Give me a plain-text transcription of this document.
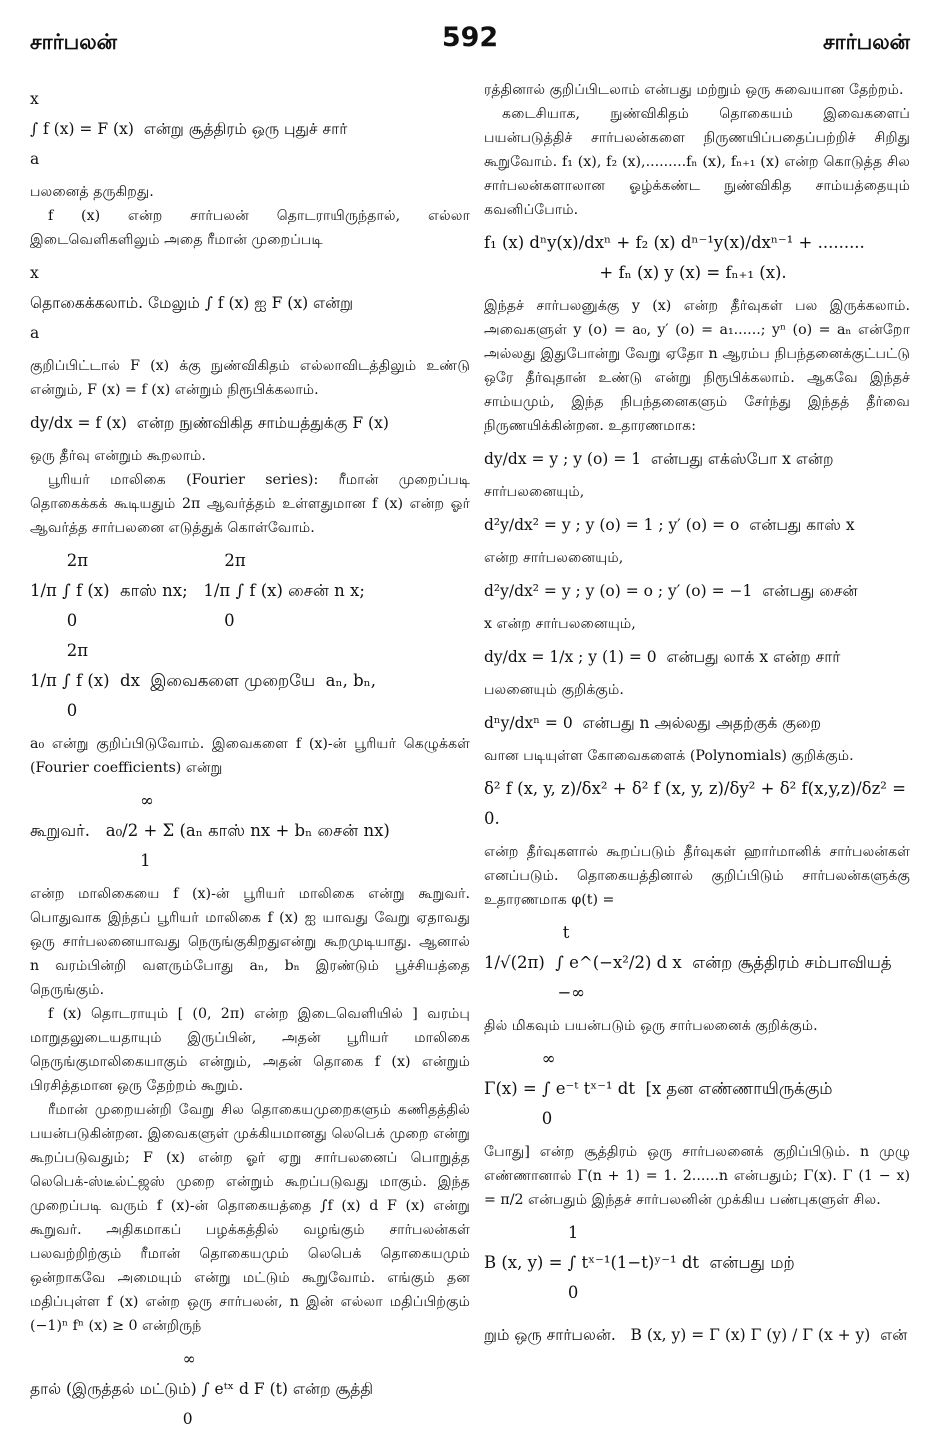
சார்பலன்	592	சார்பலன்
x
∫ f (x) = F (x)  என்று சூத்திரம் ஒரு புதுச் சார்
a
பலனைத் தருகிறது.
f (x) என்ற சார்பலன் தொடராயிருந்தால், எல்லா இடைவெளிகளிலும் அதை ரீமான் முறைப்படி
x
தொகைக்கலாம். மேலும் ∫ f (x) ஐ F (x) என்று
a
குறிப்பிட்டால் F (x) க்கு நுண்விகிதம் எல்லாவிடத்திலும் உண்டு என்றும், F (x) = f (x) என்றும் நிரூபிக்கலாம்.
dy/dx = f (x)  என்ற நுண்விகித சாம்யத்துக்கு F (x)
ஒரு தீர்வு என்றும் கூறலாம்.
பூரியர் மாலிகை (Fourier series): ரீமான் முறைப்படி தொகைக்கக் கூடியதும் 2π ஆவர்த்தம் உள்ளதுமான f (x) என்ற ஓர் ஆவர்த்த சார்பலனை எடுத்துக் கொள்வோம்.
2π                          2π
1/π ∫ f (x)  காஸ் nx;   1/π ∫ f (x) சைன் n x;
0                            0
2π
1/π ∫ f (x)  dx  இவைகளை முறையே  aₙ, bₙ,
0
a₀ என்று குறிப்பிடுவோம். இவைகளை f (x)-ன் பூரியர் கெழுக்கள் (Fourier coefficients) என்று
∞
கூறுவர்.   a₀/2 + Σ (aₙ காஸ் nx + bₙ சைன் nx)
1
என்ற மாலிகையை f (x)-ன் பூரியர் மாலிகை என்று கூறுவர். பொதுவாக இந்தப் பூரியர் மாலிகை f (x) ஐ யாவது வேறு ஏதாவது ஒரு சார்பலனையாவது நெருங்குகிறதுஎன்று கூறமுடியாது. ஆனால் n வரம்பின்றி வளரும்போது aₙ, bₙ இரண்டும் பூச்சியத்தை நெருங்கும்.
f (x) தொடராயும் [ (0, 2π) என்ற இடைவெளியில் ] வரம்பு மாறுதலுடையதாயும் இருப்பின், அதன் பூரியர் மாலிகை நெருங்குமாலிகையாகும் என்றும், அதன் தொகை f (x) என்றும் பிரசித்தமான ஒரு தேற்றம் கூறும்.
ரீமான் முறையன்றி வேறு சில தொகையமுறைகளும் கணிதத்தில் பயன்படுகின்றன. இவைகளுள் முக்கியமானது லெபெக் முறை என்று கூறப்படுவதும்; F (x) என்ற ஓர் ஏறு சார்பலனைப் பொறுத்த லெபெக்-ஸ்டீல்ட்ஜஸ் முறை என்றும் கூறப்படுவது மாகும். இந்த முறைப்படி வரும் f (x)-ன் தொகையத்தை ∫f (x) d F (x) என்று கூறுவர். அதிகமாகப் பழக்கத்தில் வழங்கும் சார்பலன்கள் பலவற்றிற்கும் ரீமான் தொகையமும் லெபெக் தொகையமும் ஒன்றாகவே அமையும் என்று மட்டும் கூறுவோம். எங்கும் தன மதிப்புள்ள f (x) என்ற ஒரு சார்பலன், n இன் எல்லா மதிப்பிற்கும் (−1)ⁿ fⁿ (x) ≥ 0 என்றிருந்
∞
தால் (இருத்தல் மட்டும்) ∫ eᵗˣ d F (t) என்ற சூத்தி
0
ரத்தினால் குறிப்பிடலாம் என்பது மற்றும் ஒரு சுவையான தேற்றம்.
கடைசியாக, நுண்விகிதம் தொகையம் இவைகளைப் பயன்படுத்திச் சார்பலன்களை நிருணயிப்பதைப்பற்றிச் சிறிது கூறுவோம். f₁ (x), f₂ (x),.........fₙ (x), fₙ₊₁ (x) என்ற கொடுத்த சில சார்பலன்களாலான ஓழ்க்கண்ட நுண்விகித சாம்யத்தையும் கவனிப்போம்.
f₁ (x) dⁿy(x)/dxⁿ + f₂ (x) dⁿ⁻¹y(x)/dxⁿ⁻¹ + .........
+ fₙ (x) y (x) = fₙ₊₁ (x).
இந்தச் சார்பலனுக்கு y (x) என்ற தீர்வுகள் பல இருக்கலாம். அவைகளுள் y (o) = a₀, y′ (o) = a₁......; yⁿ (o) = aₙ என்றோ அல்லது இதுபோன்று வேறு ஏதோ n ஆரம்ப நிபந்தனைக்குட்பட்டு ஒரே தீர்வுதான் உண்டு என்று நிரூபிக்கலாம். ஆகவே இந்தச் சாம்யமும், இந்த நிபந்தனைகளும் சேர்ந்து இந்தத் தீர்வை நிருணயிக்கின்றன. உதாரணமாக:
dy/dx = y ; y (o) = 1  என்பது எக்ஸ்போ x என்ற
சார்பலனையும்,
d²y/dx² = y ; y (o) = 1 ; y′ (o) = o  என்பது காஸ் x
என்ற சார்பலனையும்,
d²y/dx² = y ; y (o) = o ; y′ (o) = −1  என்பது சைன்
x என்ற சார்பலனையும்,
dy/dx = 1/x ; y (1) = 0  என்பது லாக் x என்ற சார்
பலனையும் குறிக்கும்.
dⁿy/dxⁿ = 0  என்பது n அல்லது அதற்குக் குறை
வான படியுள்ள கோவைகளைக் (Polynomials) குறிக்கும்.
δ² f (x, y, z)/δx² + δ² f (x, y, z)/δy² + δ² f(x,y,z)/δz² = 0.
என்ற தீர்வுகளால் கூறப்படும் தீர்வுகள் ஹார்மானிக் சார்பலன்கள் எனப்படும். தொகையத்தினால் குறிப்பிடும் சார்பலன்களுக்கு உதாரணமாக φ(t) =
t
1/√(2π)  ∫ e^(−x²/2) d x  என்ற சூத்திரம் சம்பாவியத்
−∞
தில் மிகவும் பயன்படும் ஒரு சார்பலனைக் குறிக்கும்.
∞
Γ(x) = ∫ e⁻ᵗ tˣ⁻¹ dt  [x தன எண்ணாயிருக்கும்
0
போது] என்ற சூத்திரம் ஒரு சார்பலனைக் குறிப்பிடும். n முழு எண்ணானால் Γ(n + 1) = 1. 2......n என்பதும்; Γ(x). Γ (1 − x) = π/2 என்பதும் இந்தச் சார்பலனின் முக்கிய பண்புகளுள் சில.
1
B (x, y) = ∫ tˣ⁻¹(1−t)ʸ⁻¹ dt  என்பது மற்
0
றும் ஒரு சார்பலன்.   B (x, y) = Γ (x) Γ (y) / Γ (x + y)  என்
